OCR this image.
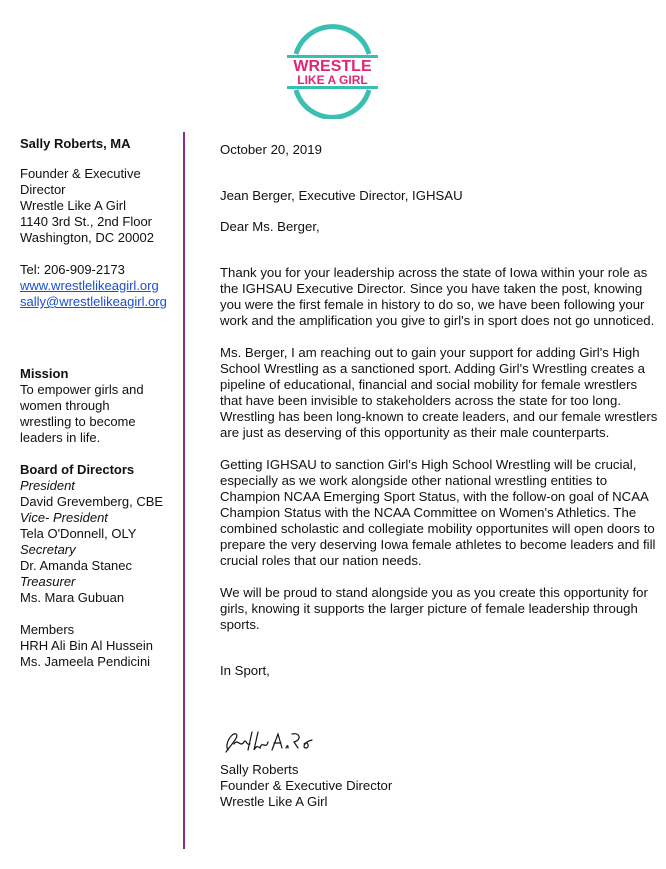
WRESTLE
LIKE A GIRL
Sally Roberts, MA
Founder & Executive
Director
Wrestle Like A Girl
1140 3rd St., 2nd Floor
Washington, DC 20002
Tel: 206-909-2173
www.wrestlelikeagirl.org
sally@wrestlelikeagirl.org
Mission
To empower girls and
women through
wrestling to become
leaders in life.
Board of Directors
President
David Grevemberg, CBE
Vice- President
Tela O'Donnell, OLY
Secretary
Dr. Amanda Stanec
Treasurer
Ms. Mara Gubuan
Members
HRH Ali Bin Al Hussein
Ms. Jameela Pendicini

October 20, 2019

Jean Berger, Executive Director, IGHSAU

Dear Ms. Berger,

Thank you for your leadership across the state of Iowa within your role as the IGHSAU Executive Director. Since you have taken the post, knowing you were the first female in history to do so, we have been following your work and the amplification you give to girl's in sport does not go unnoticed.

Ms. Berger, I am reaching out to gain your support for adding Girl's High School Wrestling as a sanctioned sport. Adding Girl's Wrestling creates a pipeline of educational, financial and social mobility for female wrestlers that have been invisible to stakeholders across the state for too long. Wrestling has been long-known to create leaders, and our female wrestlers are just as deserving of this opportunity as their male counterparts.

Getting IGHSAU to sanction Girl's High School Wrestling will be crucial, especially as we work alongside other national wrestling entities to Champion NCAA Emerging Sport Status, with the follow-on goal of NCAA Champion Status with the NCAA Committee on Women's Athletics. The combined scholastic and collegiate mobility opportunites will open doors to prepare the very deserving Iowa female athletes to become leaders and fill crucial roles that our nation needs.

We will be proud to stand alongside you as you create this opportunity for girls, knowing it supports the larger picture of female leadership through sports.

In Sport,

Sally Roberts
Founder & Executive Director
Wrestle Like A Girl
